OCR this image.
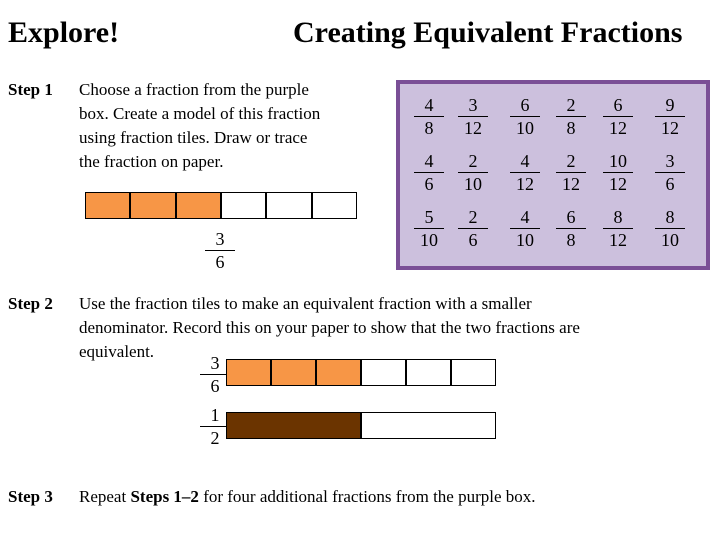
Explore!	Creating Equivalent Fractions
Step 1 Choose a fraction from the purple
box. Create a model of this fraction
using fraction tiles. Draw or trace
the fraction on paper.
3
6
4
8
3
12
6
10
2
8
6
12
9
12
4
6
2
10
4
12
2
12
10
12
3
6
5
10
2
6
4
10
6
8
8
12
8
10
Step 2 Use the fraction tiles to make an equivalent fraction with a smaller
denominator. Record this on your paper to show that the two fractions are
equivalent.
3
6
1
2
Step 3 Repeat Steps 1–2 for four additional fractions from the purple box.
